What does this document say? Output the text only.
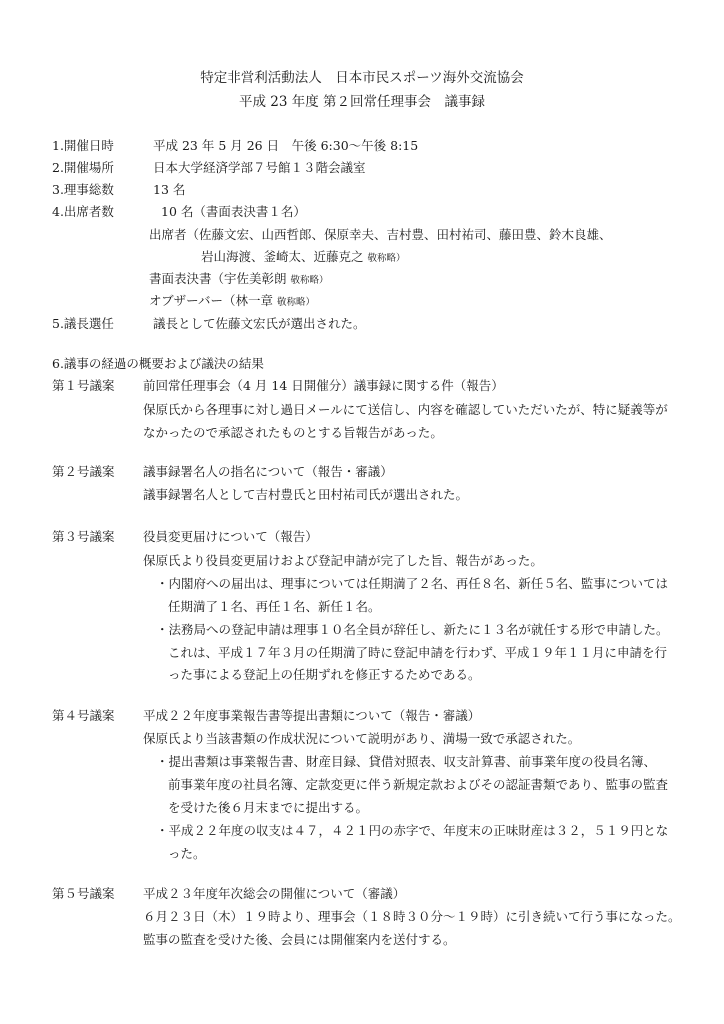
特定非営利活動法人　日本市民スポーツ海外交流協会
平成 23 年度 第２回常任理事会　議事録
1.開催日時	平成 23 年 5 月 26 日　午後 6:30〜午後 8:15
2.開催場所	日本大学経済学部７号館１３階会議室
3.理事総数	13 名
4.出席者数	10 名（書面表決書１名）
出席者（佐藤文宏、山西哲郎、保原幸夫、吉村豊、田村祐司、藤田豊、鈴木良雄、
岩山海渡、釜崎太、近藤克之 敬称略）
書面表決書（宇佐美彰朗 敬称略）
オブザーバー（林一章 敬称略）
5.議長選任	議長として佐藤文宏氏が選出された。
6.議事の経過の概要および議決の結果
第１号議案 前回常任理事会（4 月 14 日開催分）議事録に関する件（報告）
保原氏から各理事に対し過日メールにて送信し、内容を確認していただいたが、特に疑義等が
なかったので承認されたものとする旨報告があった。
第２号議案 議事録署名人の指名について（報告・審議）
議事録署名人として吉村豊氏と田村祐司氏が選出された。
第３号議案 役員変更届けについて（報告）
保原氏より役員変更届けおよび登記申請が完了した旨、報告があった。
・内閣府への届出は、理事については任期満了２名、再任８名、新任５名、監事については
任期満了１名、再任１名、新任１名。
・法務局への登記申請は理事１０名全員が辞任し、新たに１３名が就任する形で申請した。
これは、平成１７年３月の任期満了時に登記申請を行わず、平成１９年１１月に申請を行
った事による登記上の任期ずれを修正するためである。
第４号議案 平成２２年度事業報告書等提出書類について（報告・審議）
保原氏より当該書類の作成状況について説明があり、満場一致で承認された。
・提出書類は事業報告書、財産目録、貸借対照表、収支計算書、前事業年度の役員名簿、
前事業年度の社員名簿、定款変更に伴う新規定款およびその認証書類であり、監事の監査
を受けた後６月末までに提出する。
・平成２２年度の収支は４７，４２１円の赤字で、年度末の正味財産は３２，５１９円とな
った。
第５号議案 平成２３年度年次総会の開催について（審議）
６月２３日（木）１９時より、理事会（１８時３０分〜１９時）に引き続いて行う事になった。
監事の監査を受けた後、会員には開催案内を送付する。
